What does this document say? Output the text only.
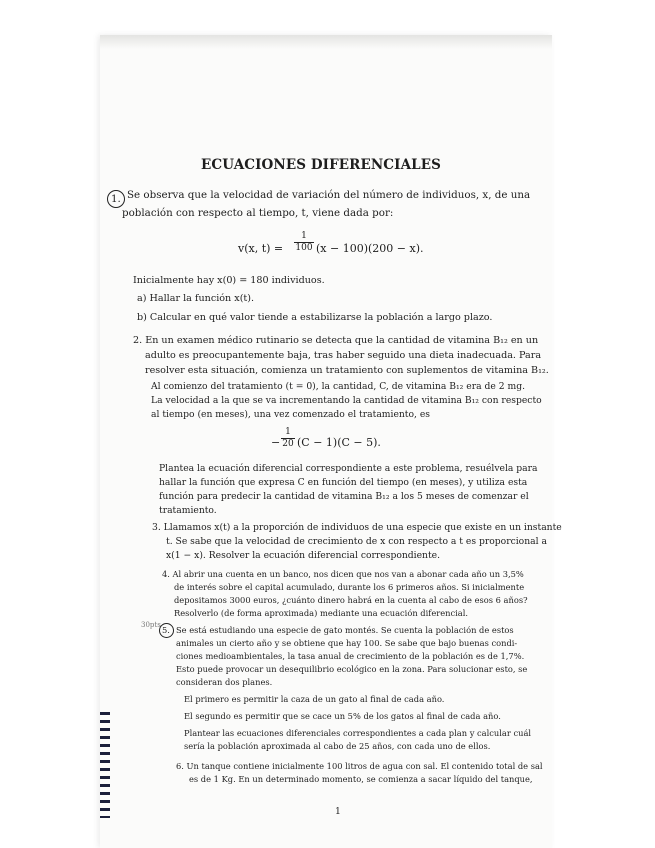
ECUACIONES DIFERENCIALES
1. Se observa que la velocidad de variación del número de individuos, x, de una
población con respecto al tiempo, t, viene dada por:
v(x, t) =
1
100 (x − 100)(200 − x).
Inicialmente hay x(0) = 180 individuos.
a) Hallar la función x(t).
b) Calcular en qué valor tiende a estabilizarse la población a largo plazo.
2. En un examen médico rutinario se detecta que la cantidad de vitamina B₁₂ en un
adulto es preocupantemente baja, tras haber seguido una dieta inadecuada. Para
resolver esta situación, comienza un tratamiento con suplementos de vitamina B₁₂.
Al comienzo del tratamiento (t = 0), la cantidad, C, de vitamina B₁₂ era de 2 mg.
La velocidad a la que se va incrementando la cantidad de vitamina B₁₂ con respecto
al tiempo (en meses), una vez comenzado el tratamiento, es
−
1
20 (C − 1)(C − 5).
Plantea la ecuación diferencial correspondiente a este problema, resuélvela para
hallar la función que expresa C en función del tiempo (en meses), y utiliza esta
función para predecir la cantidad de vitamina B₁₂ a los 5 meses de comenzar el
tratamiento.
3. Llamamos x(t) a la proporción de individuos de una especie que existe en un instante
t. Se sabe que la velocidad de crecimiento de x con respecto a t es proporcional a
x(1 − x). Resolver la ecuación diferencial correspondiente.
4. Al abrir una cuenta en un banco, nos dicen que nos van a abonar cada año un 3,5%
de interés sobre el capital acumulado, durante los 6 primeros años. Si inicialmente
depositamos 3000 euros, ¿cuánto dinero habrá en la cuenta al cabo de esos 6 años?
Resolverlo (de forma aproximada) mediante una ecuación diferencial.
30pts 5. Se está estudiando una especie de gato montés. Se cuenta la población de estos
animales un cierto año y se obtiene que hay 100. Se sabe que bajo buenas condi-
ciones medioambientales, la tasa anual de crecimiento de la población es de 1,7%.
Esto puede provocar un desequilibrio ecológico en la zona. Para solucionar esto, se
consideran dos planes.
El primero es permitir la caza de un gato al final de cada año.
El segundo es permitir que se cace un 5% de los gatos al final de cada año.
Plantear las ecuaciones diferenciales correspondientes a cada plan y calcular cuál
sería la población aproximada al cabo de 25 años, con cada uno de ellos.
6. Un tanque contiene inicialmente 100 litros de agua con sal. El contenido total de sal
es de 1 Kg. En un determinado momento, se comienza a sacar líquido del tanque,
1
